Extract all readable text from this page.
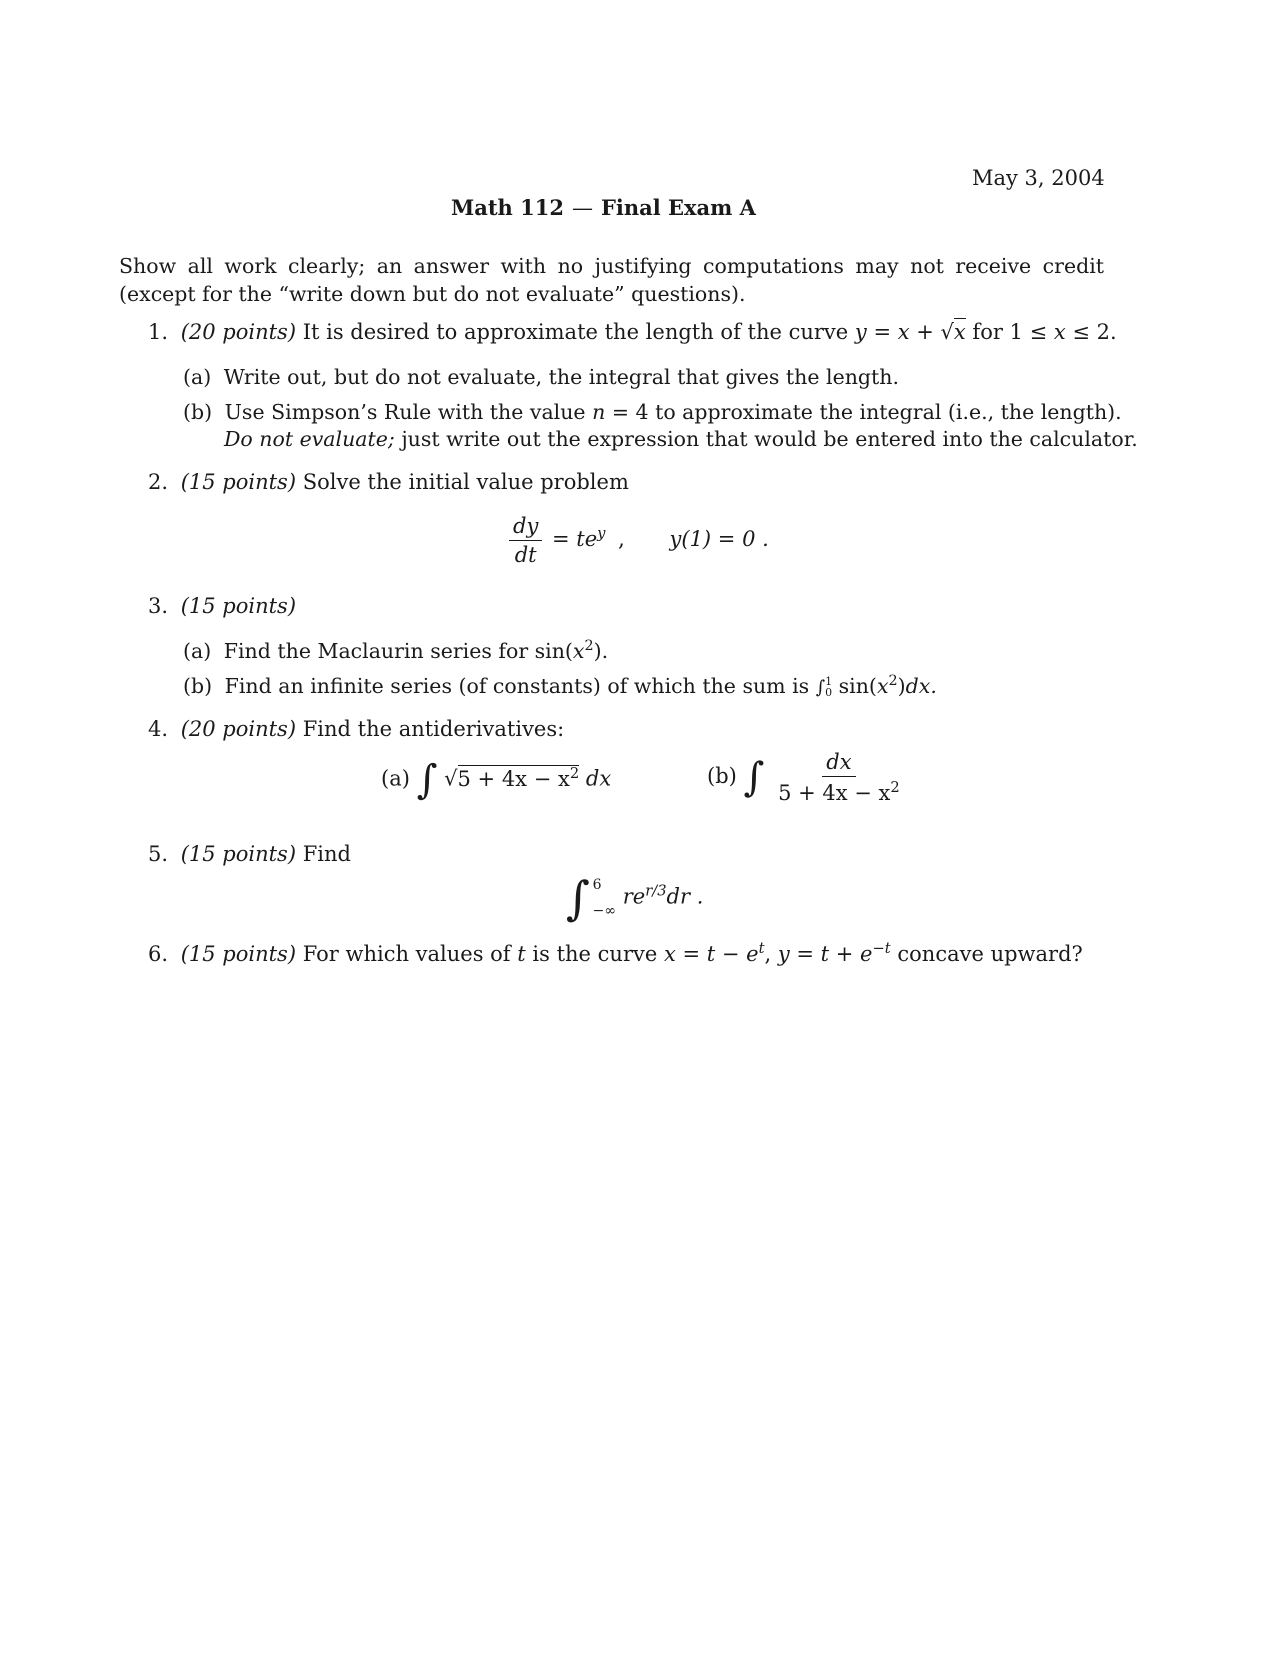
May 3, 2004
Math 112 — Final Exam A
Show all work clearly; an answer with no justifying computations may not receive credit (except for the “write down but do not evaluate” questions).
1. (20 points) It is desired to approximate the length of the curve y = x + √x for 1 ≤ x ≤ 2.
(a) Write out, but do not evaluate, the integral that gives the length.
(b) Use Simpson’s Rule with the value n = 4 to approximate the integral (i.e., the length).
Do not evaluate; just write out the expression that would be entered into the calculator.
2. (15 points) Solve the initial value problem
$\frac{dy}{dt} = te^y$ , y(1) = 0 .
3. (15 points)
(a) Find the Maclaurin series for $\sin(x^2)$.
(b) Find an infinite series (of constants) of which the sum is ∫ 1
0 $\sin(x^2)dx$.
4. (20 points) Find the antiderivatives:
(a) ∫ $√5 + 4x - x^2$ dx	(b) ∫ $\frac{dx}{5 + 4x - x^2}$
5. (15 points) Find
∫ 6
−∞
$re^{r/3}dr$ .
6. (15 points) For which values of t is the curve $x = t - e^t$, $y = t + e^{-t}$ concave upward?
